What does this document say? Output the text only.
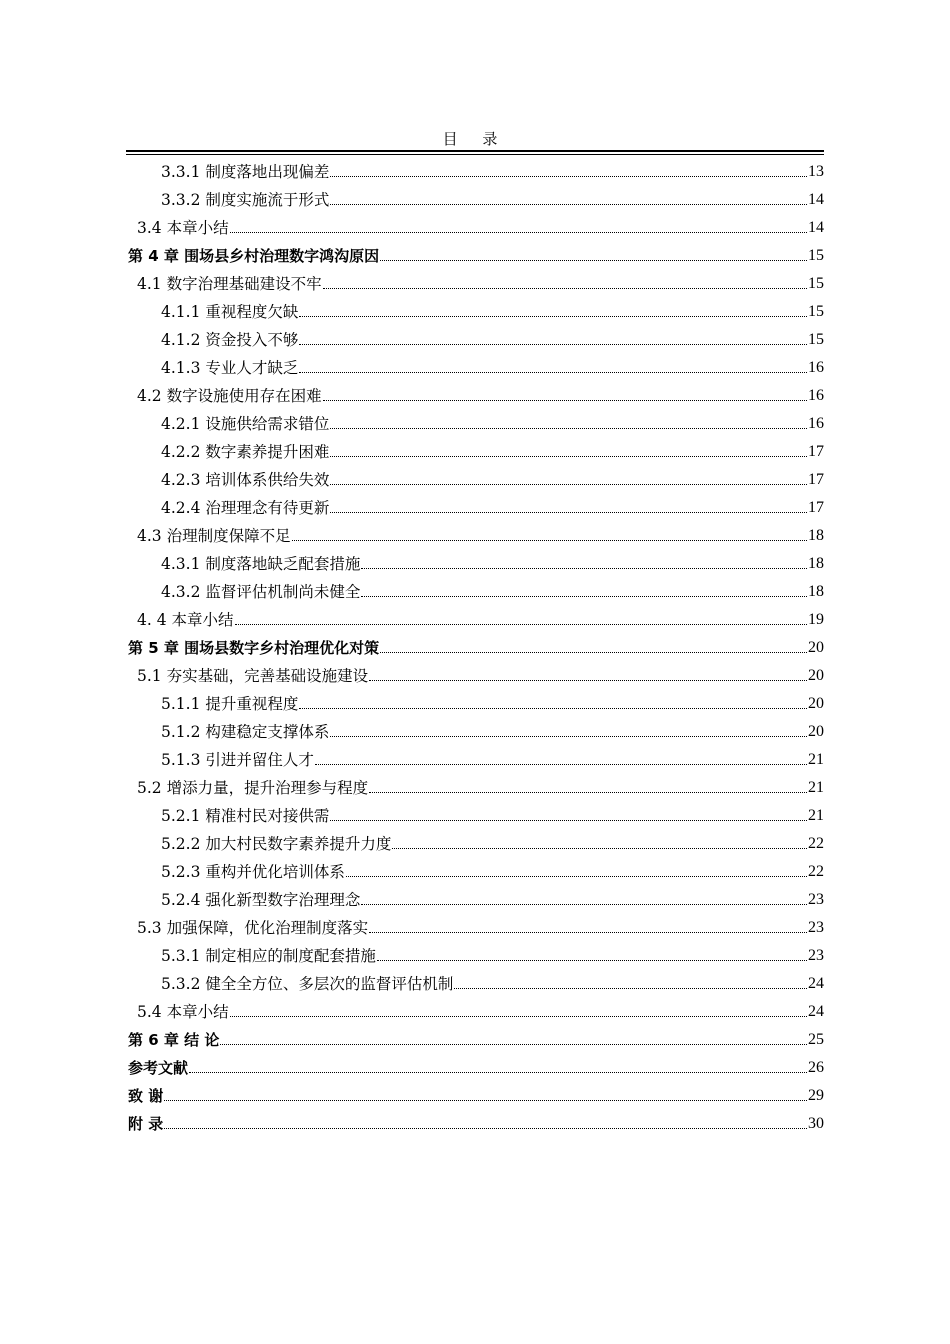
目 录
3.3.1 制度落地出现偏差	13
3.3.2 制度实施流于形式	14
3.4 本章小结	14
第 4 章 围场县乡村治理数字鸿沟原因	15
4.1 数字治理基础建设不牢	15
4.1.1 重视程度欠缺	15
4.1.2 资金投入不够	15
4.1.3 专业人才缺乏	16
4.2 数字设施使用存在困难	16
4.2.1 设施供给需求错位	16
4.2.2 数字素养提升困难	17
4.2.3 培训体系供给失效	17
4.2.4 治理理念有待更新	17
4.3 治理制度保障不足	18
4.3.1 制度落地缺乏配套措施	18
4.3.2 监督评估机制尚未健全	18
4. 4 本章小结	19
第 5 章 围场县数字乡村治理优化对策	20
5.1 夯实基础，完善基础设施建设	20
5.1.1 提升重视程度	20
5.1.2 构建稳定支撑体系	20
5.1.3 引进并留住人才	21
5.2 增添力量，提升治理参与程度	21
5.2.1 精准村民对接供需	21
5.2.2 加大村民数字素养提升力度	22
5.2.3 重构并优化培训体系	22
5.2.4 强化新型数字治理理念	23
5.3 加强保障，优化治理制度落实	23
5.3.1 制定相应的制度配套措施	23
5.3.2 健全全方位、多层次的监督评估机制	24
5.4 本章小结	24
第 6 章 结 论	25
参考文献	26
致 谢	29
附 录	30
